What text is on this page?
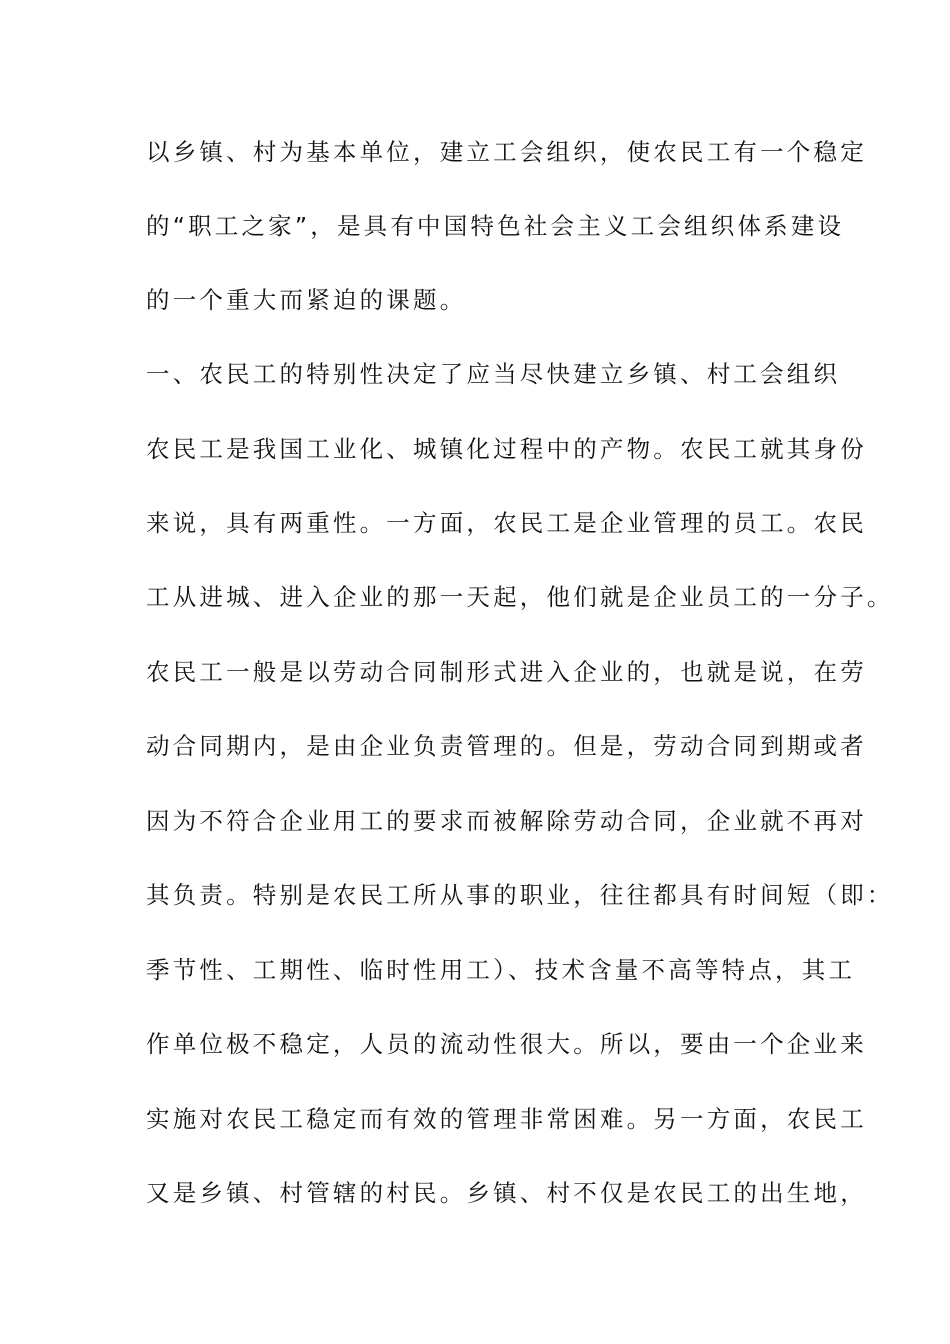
以乡镇、村为基本单位，建立工会组织，使农民工有一个稳定
的“职工之家”，是具有中国特色社会主义工会组织体系建设
的一个重大而紧迫的课题。
一、农民工的特别性决定了应当尽快建立乡镇、村工会组织
农民工是我国工业化、城镇化过程中的产物。农民工就其身份
来说，具有两重性。一方面，农民工是企业管理的员工。农民
工从进城、进入企业的那一天起，他们就是企业员工的一分子。
农民工一般是以劳动合同制形式进入企业的，也就是说，在劳
动合同期内，是由企业负责管理的。但是，劳动合同到期或者
因为不符合企业用工的要求而被解除劳动合同，企业就不再对
其负责。特别是农民工所从事的职业，往往都具有时间短（即：
季节性、工期性、临时性用工）、技术含量不高等特点，其工
作单位极不稳定，人员的流动性很大。所以，要由一个企业来
实施对农民工稳定而有效的管理非常困难。另一方面，农民工
又是乡镇、村管辖的村民。乡镇、村不仅是农民工的出生地，
